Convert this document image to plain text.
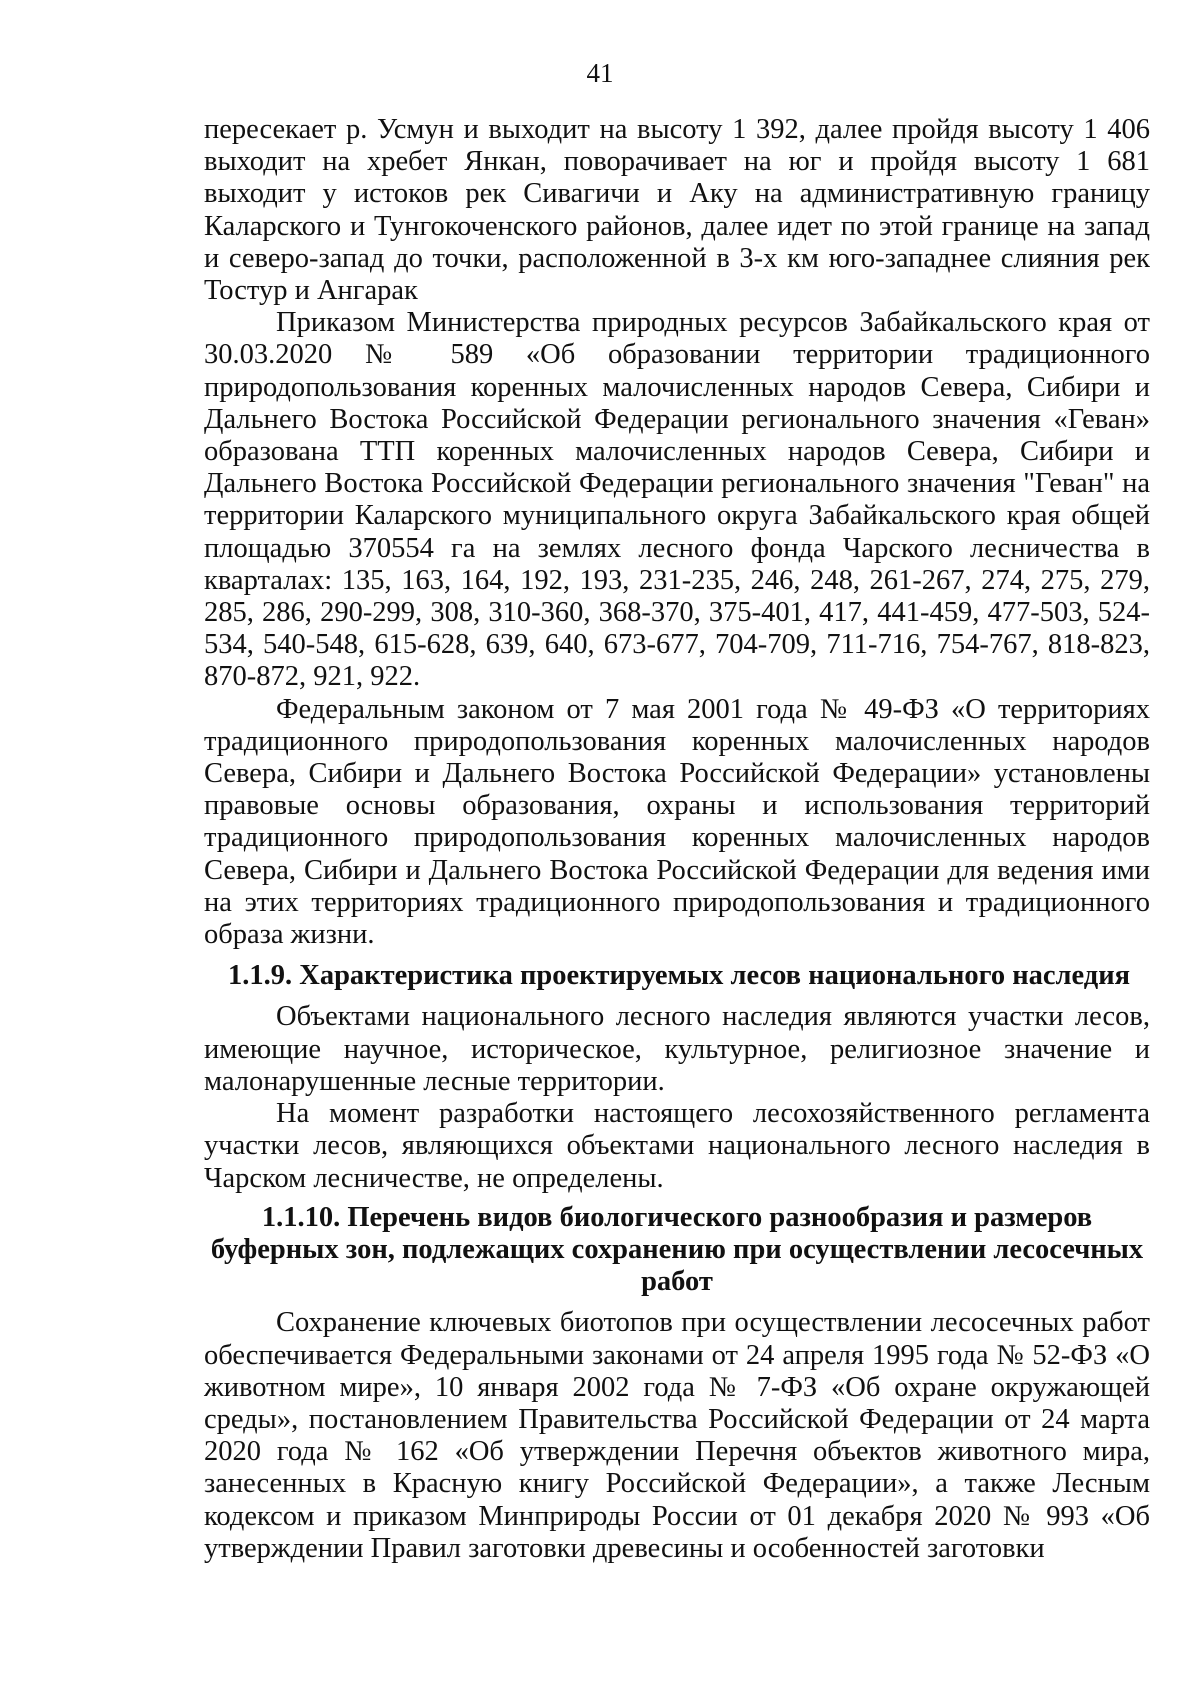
41

пересекает р. Усмун и выходит на высоту 1 392, далее пройдя высоту 1 406 выходит на хребет Янкан, поворачивает на юг и пройдя высоту 1 681 выходит у истоков рек Сивагичи и Аку на административную границу Каларского и Тунгокоченского районов, далее идет по этой границе на запад и северо-запад до точки, расположенной в 3-х км юго-западнее слияния рек Тостур и Ангарак

Приказом Министерства природных ресурсов Забайкальского края от 30.03.2020 № 589 «Об образовании территории традиционного природопользования коренных малочисленных народов Севера, Сибири и Дальнего Востока Российской Федерации регионального значения «Геван» образована ТТП коренных малочисленных народов Севера, Сибири и Дальнего Востока Российской Федерации регионального значения "Геван" на территории Каларского муниципального округа Забайкальского края общей площадью 370554 га на землях лесного фонда Чарского лесничества в кварталах: 135, 163, 164, 192, 193, 231-235, 246, 248, 261-267, 274, 275, 279, 285, 286, 290-299, 308, 310-360, 368-370, 375-401, 417, 441-459, 477-503, 524-534, 540-548, 615-628, 639, 640, 673-677, 704-709, 711-716, 754-767, 818-823, 870-872, 921, 922.

Федеральным законом от 7 мая 2001 года № 49-ФЗ «О территориях традиционного природопользования коренных малочисленных народов Севера, Сибири и Дальнего Востока Российской Федерации» установлены правовые основы образования, охраны и использования территорий традиционного природопользования коренных малочисленных народов Севера, Сибири и Дальнего Востока Российской Федерации для ведения ими на этих территориях традиционного природопользования и традиционного образа жизни.

1.1.9. Характеристика проектируемых лесов национального наследия

Объектами национального лесного наследия являются участки лесов, имеющие научное, историческое, культурное, религиозное значение и малонарушенные лесные территории.

На момент разработки настоящего лесохозяйственного регламента участки лесов, являющихся объектами национального лесного наследия в Чарском лесничестве, не определены.

1.1.10. Перечень видов биологического разнообразия и размеров буферных зон, подлежащих сохранению при осуществлении лесосечных работ

Сохранение ключевых биотопов при осуществлении лесосечных работ обеспечивается Федеральными законами от 24 апреля 1995 года № 52-ФЗ «О животном мире», 10 января 2002 года № 7-ФЗ «Об охране окружающей среды», постановлением Правительства Российской Федерации от 24 марта 2020 года № 162 «Об утверждении Перечня объектов животного мира, занесенных в Красную книгу Российской Федерации», а также Лесным кодексом и приказом Минприроды России от 01 декабря 2020 № 993 «Об утверждении Правил заготовки древесины и особенностей заготовки
